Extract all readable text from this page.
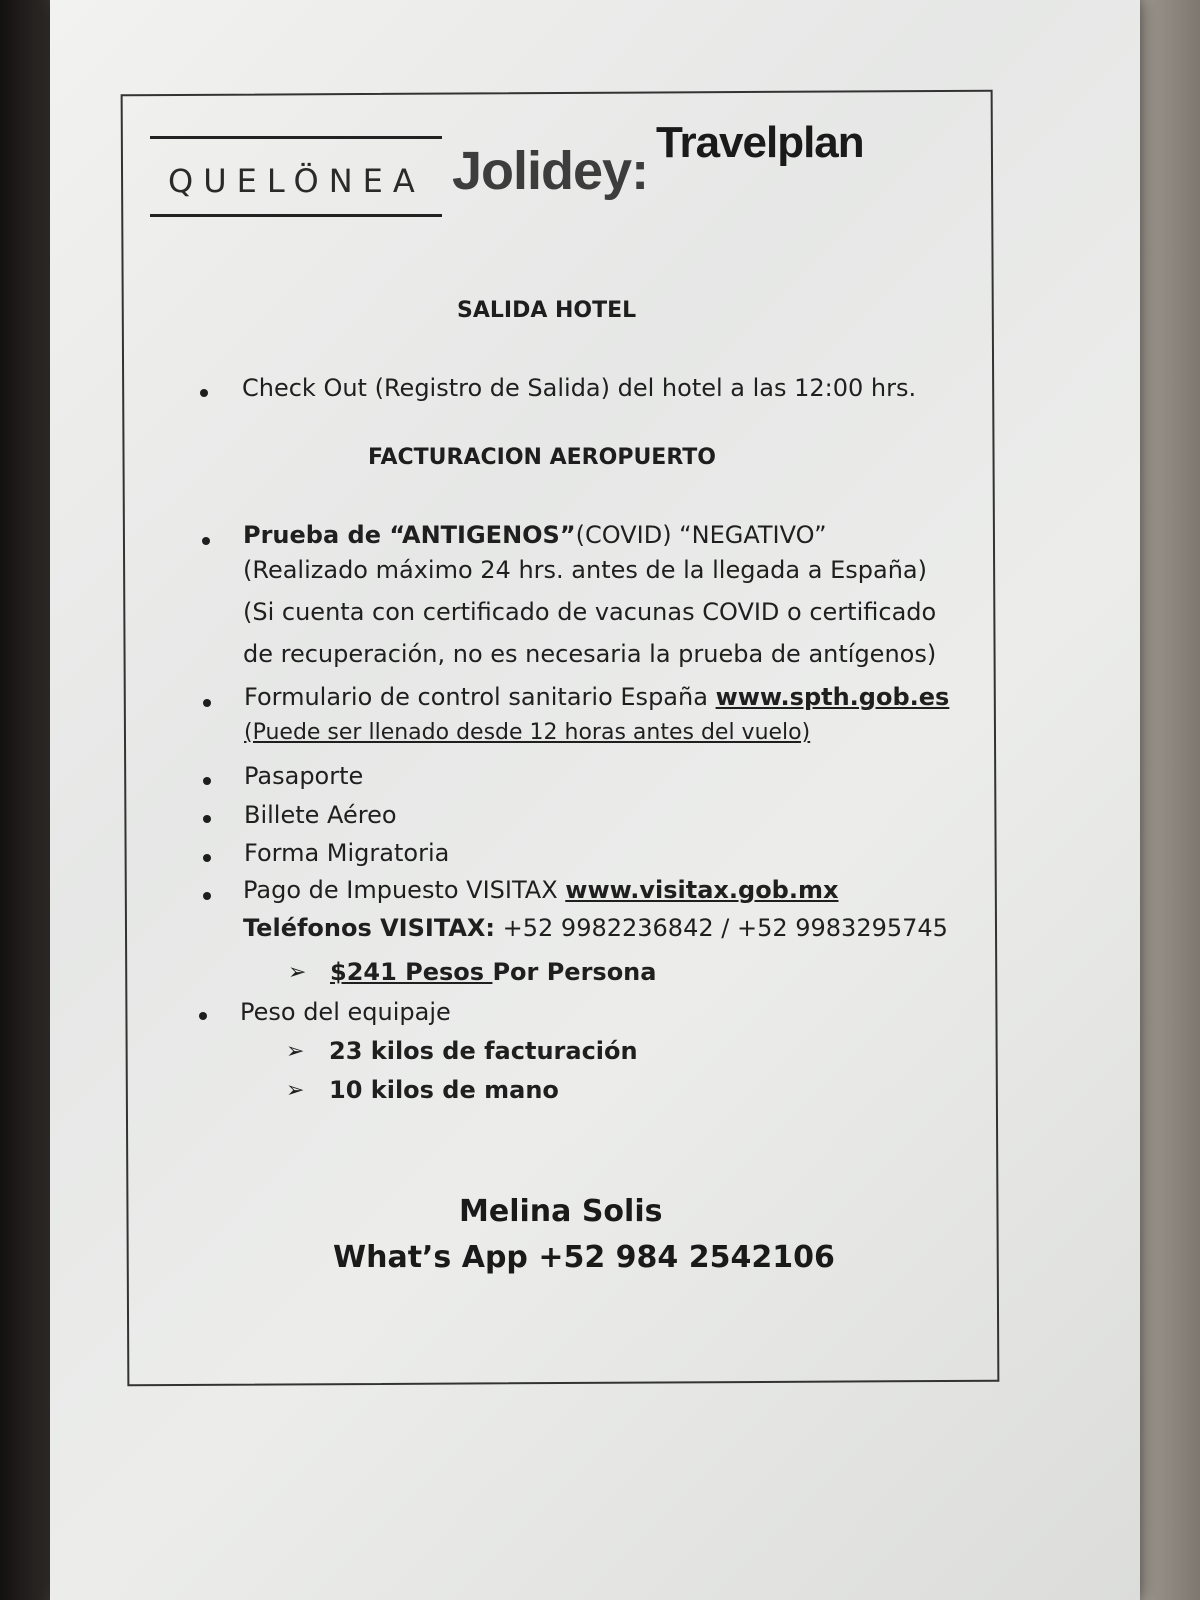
QUELÖNEA Jolidey: Travelplan
SALIDA HOTEL
Check Out (Registro de Salida) del hotel a las 12:00 hrs.
FACTURACION AEROPUERTO
Prueba de “ANTIGENOS”(COVID) “NEGATIVO”
(Realizado máximo 24 hrs. antes de la llegada a España)
(Si cuenta con certificado de vacunas COVID o certificado
de recuperación, no es necesaria la prueba de antígenos)
Formulario de control sanitario España www.spth.gob.es
(Puede ser llenado desde 12 horas antes del vuelo)
Pasaporte
Billete Aéreo
Forma Migratoria
Pago de Impuesto VISITAX www.visitax.gob.mx
Teléfonos VISITAX: +52 9982236842 / +52 9983295745
➢ $241 Pesos Por Persona
Peso del equipaje
➢ 23 kilos de facturación
➢ 10 kilos de mano
Melina Solis
What’s App +52 984 2542106
